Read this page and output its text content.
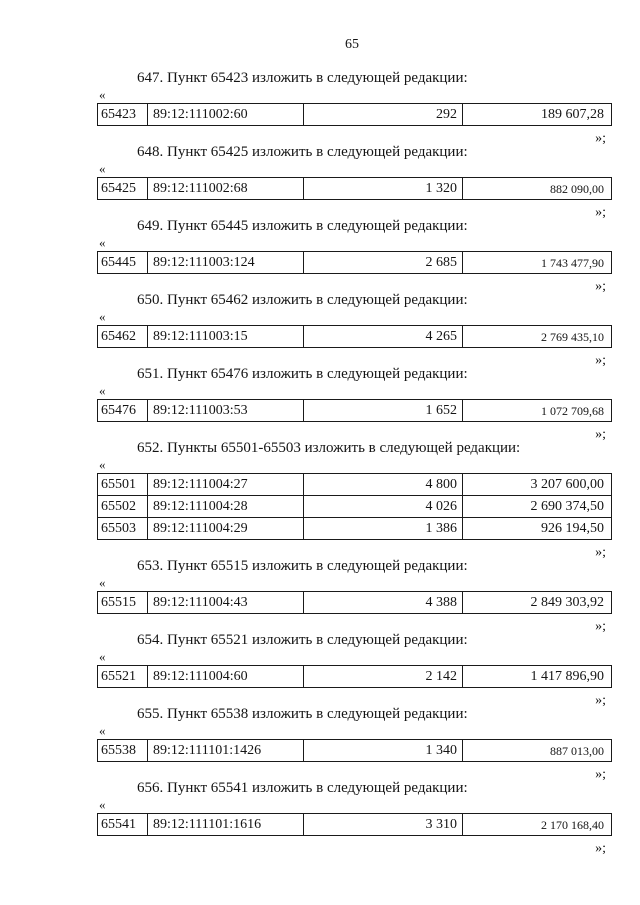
65
647. Пункт 65423 изложить в следующей редакции:
«
65423	89:12:111002:60	292	189 607,28
»;
648. Пункт 65425 изложить в следующей редакции:
«
65425	89:12:111002:68	1 320	882 090,00
»;
649. Пункт 65445 изложить в следующей редакции:
«
65445	89:12:111003:124	2 685	1 743 477,90
»;
650. Пункт 65462 изложить в следующей редакции:
«
65462	89:12:111003:15	4 265	2 769 435,10
»;
651. Пункт 65476 изложить в следующей редакции:
«
65476	89:12:111003:53	1 652	1 072 709,68
»;
652. Пункты 65501-65503 изложить в следующей редакции:
«
65501	89:12:111004:27	4 800	3 207 600,00
65502	89:12:111004:28	4 026	2 690 374,50
65503	89:12:111004:29	1 386	926 194,50
»;
653. Пункт 65515 изложить в следующей редакции:
«
65515	89:12:111004:43	4 388	2 849 303,92
»;
654. Пункт 65521 изложить в следующей редакции:
«
65521	89:12:111004:60	2 142	1 417 896,90
»;
655. Пункт 65538 изложить в следующей редакции:
«
65538	89:12:111101:1426	1 340	887 013,00
»;
656. Пункт 65541 изложить в следующей редакции:
«
65541	89:12:111101:1616	3 310	2 170 168,40
»;
